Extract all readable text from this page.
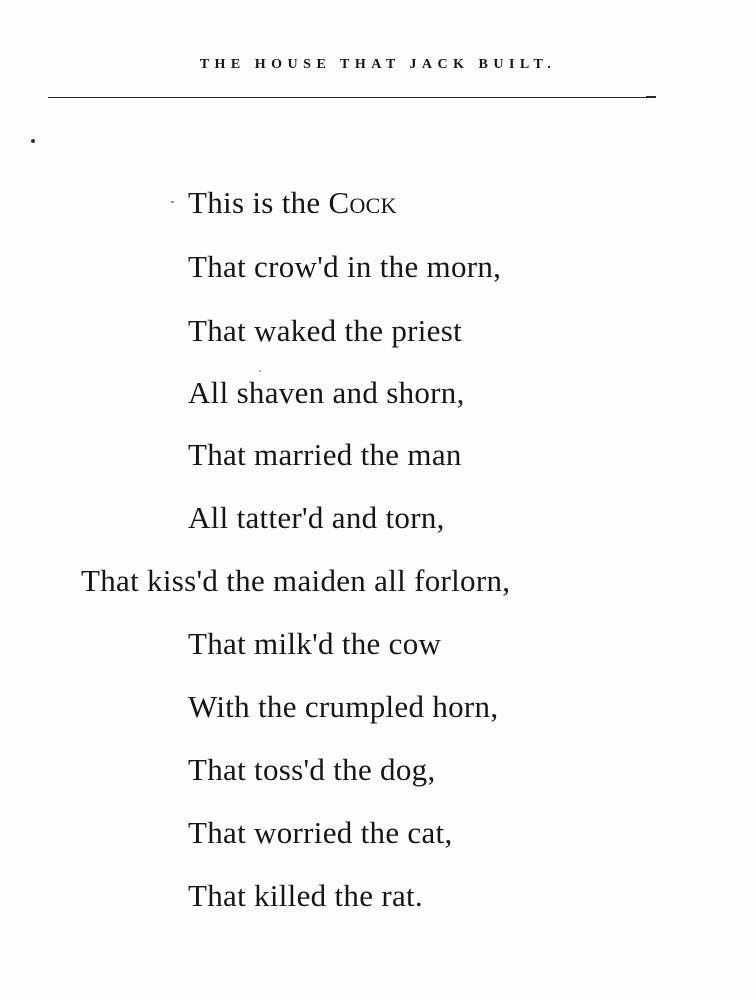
THE HOUSE THAT JACK BUILT.
This is the Cock
That crow'd in the morn,
That waked the priest
All shaven and shorn,
That married the man
All tatter'd and torn,
That kiss'd the maiden all forlorn,
That milk'd the cow
With the crumpled horn,
That toss'd the dog,
That worried the cat,
That killed the rat.
